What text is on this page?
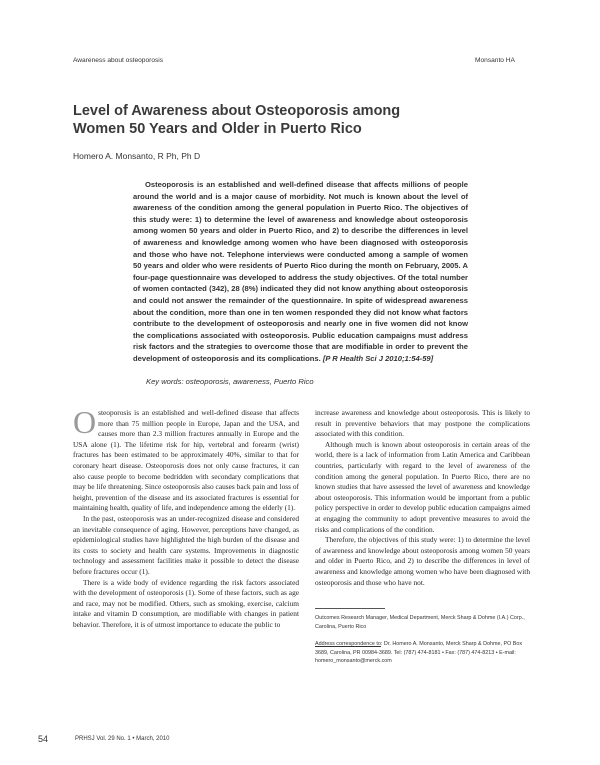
Awareness about osteoporosis	Monsanto HA
Level of Awareness about Osteoporosis among
Women 50 Years and Older in Puerto Rico
Homero A. Monsanto, R Ph, Ph D
Osteoporosis is an established and well-defined disease that affects millions of people around the world and is a major cause of morbidity. Not much is known about the level of awareness of the condition among the general population in Puerto Rico. The objectives of this study were: 1) to determine the level of awareness and knowledge about osteoporosis among women 50 years and older in Puerto Rico, and 2) to describe the differences in level of awareness and knowledge among women who have been diagnosed with osteoporosis and those who have not. Telephone interviews were conducted among a sample of women 50 years and older who were residents of Puerto Rico during the month on February, 2005. A four-page questionnaire was developed to address the study objectives. Of the total number of women contacted (342), 28 (8%) indicated they did not know anything about osteoporosis and could not answer the remainder of the questionnaire. In spite of widespread awareness about the condition, more than one in ten women responded they did not know what factors contribute to the development of osteoporosis and nearly one in five women did not know the complications associated with osteoporosis. Public education campaigns must address risk factors and the strategies to overcome those that are modifiable in order to prevent the development of osteoporosis and its complications. [P R Health Sci J 2010;1:54-59]
Key words: osteoporosis, awareness, Puerto Rico

Osteoporosis is an established and well-defined disease that affects more than 75 million people in Europe, Japan and the USA, and causes more than 2.3 million fractures annually in Europe and the USA alone (1). The lifetime risk for hip, vertebral and forearm (wrist) fractures has been estimated to be approximately 40%, similar to that for coronary heart disease. Osteoporosis does not only cause fractures, it can also cause people to become bedridden with secondary complications that may be life threatening. Since osteoporosis also causes back pain and loss of height, prevention of the disease and its associated fractures is essential for maintaining health, quality of life, and independence among the elderly (1).

In the past, osteoporosis was an under-recognized disease and considered an inevitable consequence of aging. However, perceptions have changed, as epidemiological studies have highlighted the high burden of the disease and its costs to society and health care systems. Improvements in diagnostic technology and assessment facilities make it possible to detect the disease before fractures occur (1).

There is a wide body of evidence regarding the risk factors associated with the development of osteoporosis (1). Some of these factors, such as age and race, may not be modified. Others, such as smoking, exercise, calcium intake and vitamin D consumption, are modifiable with changes in patient behavior. Therefore, it is of utmost importance to educate the public to

increase awareness and knowledge about osteoporosis. This is likely to result in preventive behaviors that may postpone the complications associated with this condition.

Although much is known about osteoporosis in certain areas of the world, there is a lack of information from Latin America and Caribbean countries, particularly with regard to the level of awareness of the condition among the general population. In Puerto Rico, there are no known studies that have assessed the level of awareness and knowledge about osteoporosis. This information would be important from a public policy perspective in order to develop public education campaigns aimed at engaging the community to adopt preventive measures to avoid the risks and complications of the condition.

Therefore, the objectives of this study were: 1) to determine the level of awareness and knowledge about osteoporosis among women 50 years and older in Puerto Rico, and 2) to describe the differences in level of awareness and knowledge among women who have been diagnosed with osteoporosis and those who have not.

Outcomes Research Manager, Medical Department, Merck Sharp & Dohme (I.A.) Corp., Carolina, Puerto Rico
Address correspondence to: Dr. Homero A. Monsanto, Merck Sharp & Dohme, PO Box 3689, Carolina, PR 00984-3689. Tel: (787) 474-8181 • Fax: (787) 474-8213 • E-mail: homero_monsanto@merck.com
54	PRHSJ Vol. 29 No. 1 • March, 2010
